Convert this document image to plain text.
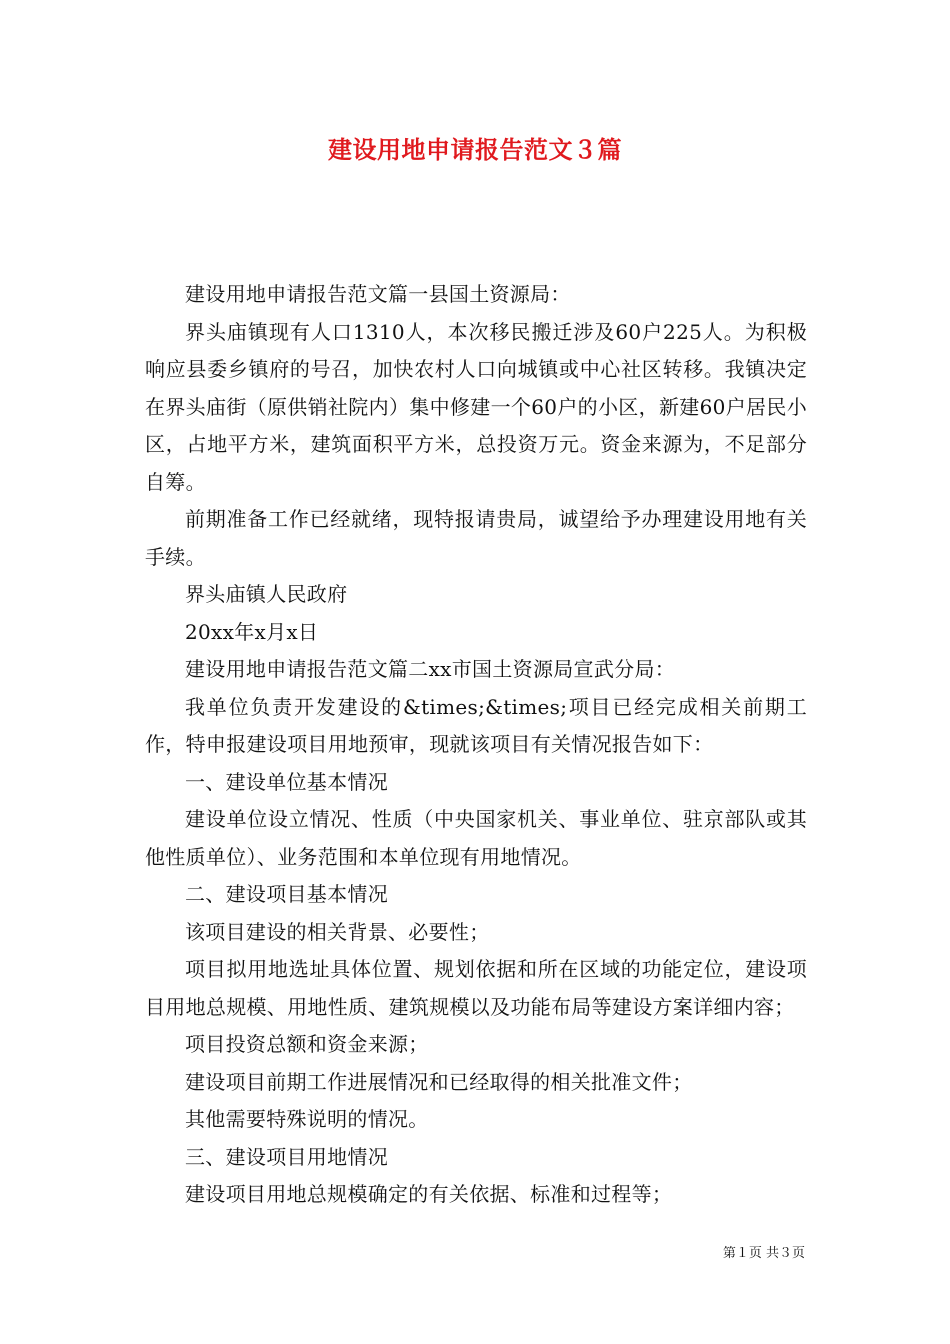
建设用地申请报告范文３篇

建设用地申请报告范文篇一县国土资源局：

界头庙镇现有人口1310人，本次移民搬迁涉及60户225人。为积极响应县委乡镇府的号召，加快农村人口向城镇或中心社区转移。我镇决定在界头庙街（原供销社院内）集中修建一个60户的小区，新建60户居民小区，占地平方米，建筑面积平方米，总投资万元。资金来源为，不足部分自筹。

前期准备工作已经就绪，现特报请贵局，诚望给予办理建设用地有关手续。

界头庙镇人民政府

20xx年x月x日

建设用地申请报告范文篇二xx市国土资源局宣武分局：

我单位负责开发建设的&times;&times;项目已经完成相关前期工作，特申报建设项目用地预审，现就该项目有关情况报告如下：

一、建设单位基本情况

建设单位设立情况、性质（中央国家机关、事业单位、驻京部队或其他性质单位）、业务范围和本单位现有用地情况。

二、建设项目基本情况

该项目建设的相关背景、必要性；

项目拟用地选址具体位置、规划依据和所在区域的功能定位，建设项目用地总规模、用地性质、建筑规模以及功能布局等建设方案详细内容；

项目投资总额和资金来源；

建设项目前期工作进展情况和已经取得的相关批准文件；

其他需要特殊说明的情况。

三、建设项目用地情况

建设项目用地总规模确定的有关依据、标准和过程等；

第１页 共３页
